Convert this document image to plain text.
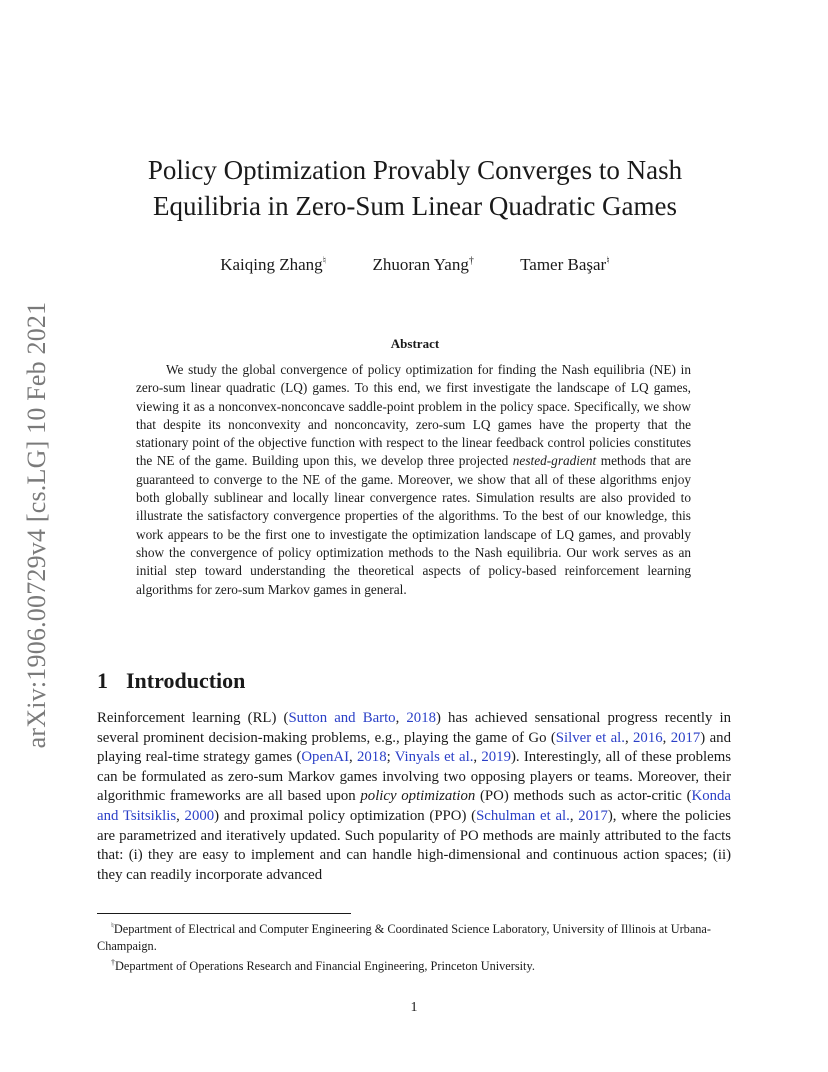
arXiv:1906.00729v4 [cs.LG] 10 Feb 2021
Policy Optimization Provably Converges to Nash Equilibria in Zero-Sum Linear Quadratic Games
Kaiqing Zhang♮	Zhuoran Yang†	Tamer Başar♮
Abstract

We study the global convergence of policy optimization for finding the Nash equilibria (NE) in zero-sum linear quadratic (LQ) games. To this end, we first investigate the landscape of LQ games, viewing it as a nonconvex-nonconcave saddle-point problem in the policy space. Specifically, we show that despite its nonconvexity and nonconcavity, zero-sum LQ games have the property that the stationary point of the objective function with respect to the linear feedback control policies constitutes the NE of the game. Building upon this, we develop three projected nested-gradient methods that are guaranteed to converge to the NE of the game. Moreover, we show that all of these algorithms enjoy both globally sublinear and locally linear convergence rates. Simulation results are also provided to illustrate the satisfactory convergence properties of the algorithms. To the best of our knowledge, this work appears to be the first one to investigate the optimization landscape of LQ games, and provably show the convergence of policy optimization methods to the Nash equilibria. Our work serves as an initial step toward understanding the theoretical aspects of policy-based reinforcement learning algorithms for zero-sum Markov games in general.

1 Introduction

Reinforcement learning (RL) (Sutton and Barto, 2018) has achieved sensational progress recently in several prominent decision-making problems, e.g., playing the game of Go (Silver et al., 2016, 2017) and playing real-time strategy games (OpenAI, 2018; Vinyals et al., 2019). Interestingly, all of these problems can be formulated as zero-sum Markov games involving two opposing players or teams. Moreover, their algorithmic frameworks are all based upon policy optimization (PO) methods such as actor-critic (Konda and Tsitsiklis, 2000) and proximal policy optimization (PPO) (Schulman et al., 2017), where the policies are parametrized and iteratively updated. Such popularity of PO methods are mainly attributed to the facts that: (i) they are easy to implement and can handle high-dimensional and continuous action spaces; (ii) they can readily incorporate advanced

♮Department of Electrical and Computer Engineering & Coordinated Science Laboratory, University of Illinois at Urbana-Champaign.

†Department of Operations Research and Financial Engineering, Princeton University.

1
